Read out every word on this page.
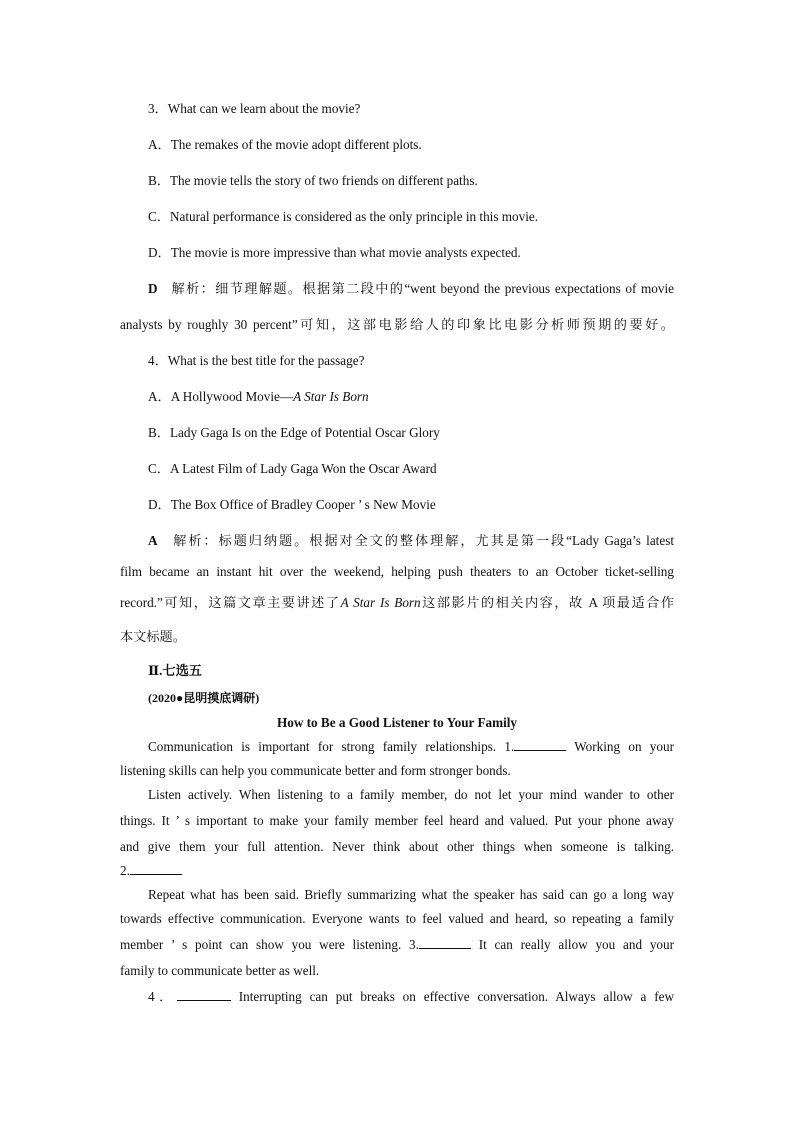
3．What can we learn about the movie?
A．The remakes of the movie adopt different plots.
B．The movie tells the story of two friends on different paths.
C．Natural performance is considered as the only principle in this movie.
D．The movie is more impressive than what movie analysts expected.
D 解析：细节理解题。根据第二段中的“went beyond the previous expectations of movie
analysts by roughly 30 percent”可知，这部电影给人的印象比电影分析师预期的要好。
4．What is the best title for the passage?
A．A Hollywood Movie—A Star Is Born
B．Lady Gaga Is on the Edge of Potential Oscar Glory
C．A Latest Film of Lady Gaga Won the Oscar Award
D．The Box Office of Bradley Cooper ’ s New Movie
A 解析：标题归纳题。根据对全文的整体理解，尤其是第一段“Lady Gaga’s latest
film became an instant hit over the weekend, helping push theaters to an October ticket-selling
record.”可知，这篇文章主要讲述了A Star Is Born这部影片的相关内容，故 A 项最适合作
本文标题。
Ⅱ.七选五
(2020●昆明摸底调研)
How to Be a Good Listener to Your Family
Communication is important for strong family relationships. 1.	Working on your
listening skills can help you communicate better and form stronger bonds.
Listen actively. When listening to a family member, do not let your mind wander to other
things. It ’ s important to make your family member feel heard and valued. Put your phone away
and give them your full attention. Never think about other things when someone is talking.
2.
Repeat what has been said. Briefly summarizing what the speaker has said can go a long way
towards effective communication. Everyone wants to feel valued and heard, so repeating a family
member ’ s point can show you were listening. 3.	It can really allow you and your
family to communicate better as well.
4．	Interrupting can put breaks on effective conversation. Always allow a few
